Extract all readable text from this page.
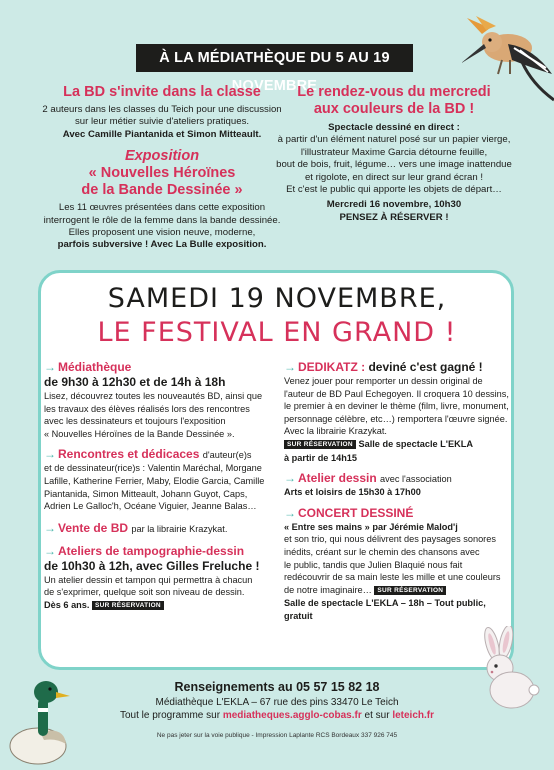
À LA MÉDIATHÈQUE DU 5 AU 19 NOVEMBRE
La BD s'invite dans la classe
2 auteurs dans les classes du Teich pour une discussion
sur leur métier suivie d'ateliers pratiques.
Avec Camille Piantanida et Simon Mitteault.
Exposition
« Nouvelles Héroïnes
de la Bande Dessinée »
Les 11 œuvres présentées dans cette exposition
interrogent le rôle de la femme dans la bande dessinée.
Elles proposent une vision neuve, moderne,
parfois subversive ! Avec La Bulle exposition.
Le rendez-vous du mercredi
aux couleurs de la BD !
Spectacle dessiné en direct :
à partir d'un élément naturel posé sur un papier vierge,
l'illustrateur Maxime Garcia détourne feuille,
bout de bois, fruit, légume… vers une image inattendue
et rigolote, en direct sur leur grand écran !
Et c'est le public qui apporte les objets de départ…
Mercredi 16 novembre, 10h30
PENSEZ À RÉSERVER !
SAMEDI 19 NOVEMBRE,
LE FESTIVAL EN GRAND !
→ Médiathèque
de 9h30 à 12h30 et de 14h à 18h
Lisez, découvrez toutes les nouveautés BD, ainsi que
les travaux des élèves réalisés lors des rencontres
avec les dessinateurs et toujours l'exposition
« Nouvelles Héroïnes de la Bande Dessinée ».
→ Rencontres et dédicaces d'auteur(e)s
et de dessinateur(rice)s : Valentin Maréchal, Morgane
Lafille, Katherine Ferrier, Maby, Elodie Garcia, Camille
Piantanida, Simon Mitteault, Johann Guyot, Caps,
Adrien Le Galloc'h, Océane Viguier, Jeanne Balas…
→ Vente de BD par la librairie Krazykat.
→ Ateliers de tampographie-dessin
de 10h30 à 12h, avec Gilles Freluche !
Un atelier dessin et tampon qui permettra à chacun
de s'exprimer, quelque soit son niveau de dessin.
Dès 6 ans. SUR RÉSERVATION
→ DEDIKATZ : deviné c'est gagné !
Venez jouer pour remporter un dessin original de
l'auteur de BD Paul Echegoyen. Il croquera 10 dessins,
le premier à en deviner le thème (film, livre, monument,
personnage célèbre, etc…) remportera l'œuvre signée.
Avec la librairie Krazykat.
SUR RÉSERVATION Salle de spectacle L'EKLA
à partir de 14h15
→ Atelier dessin avec l'association
Arts et loisirs de 15h30 à 17h00
→ CONCERT DESSINÉ
« Entre ses mains » par Jérémie Malod'j
et son trio, qui nous délivrent des paysages sonores
inédits, créant sur le chemin des chansons avec
le public, tandis que Julien Blaquié nous fait
redécouvrir de sa main leste les mille et une couleurs
de notre imaginaire… SUR RÉSERVATION
Salle de spectacle L'EKLA – 18h – Tout public,
gratuit
Renseignements au 05 57 15 82 18
Médiathèque L'EKLA – 67 rue des pins 33470 Le Teich
Tout le programme sur mediatheques.agglo-cobas.fr et sur leteich.fr
Ne pas jeter sur la voie publique - Impression Laplante RCS Bordeaux 337 926 745
